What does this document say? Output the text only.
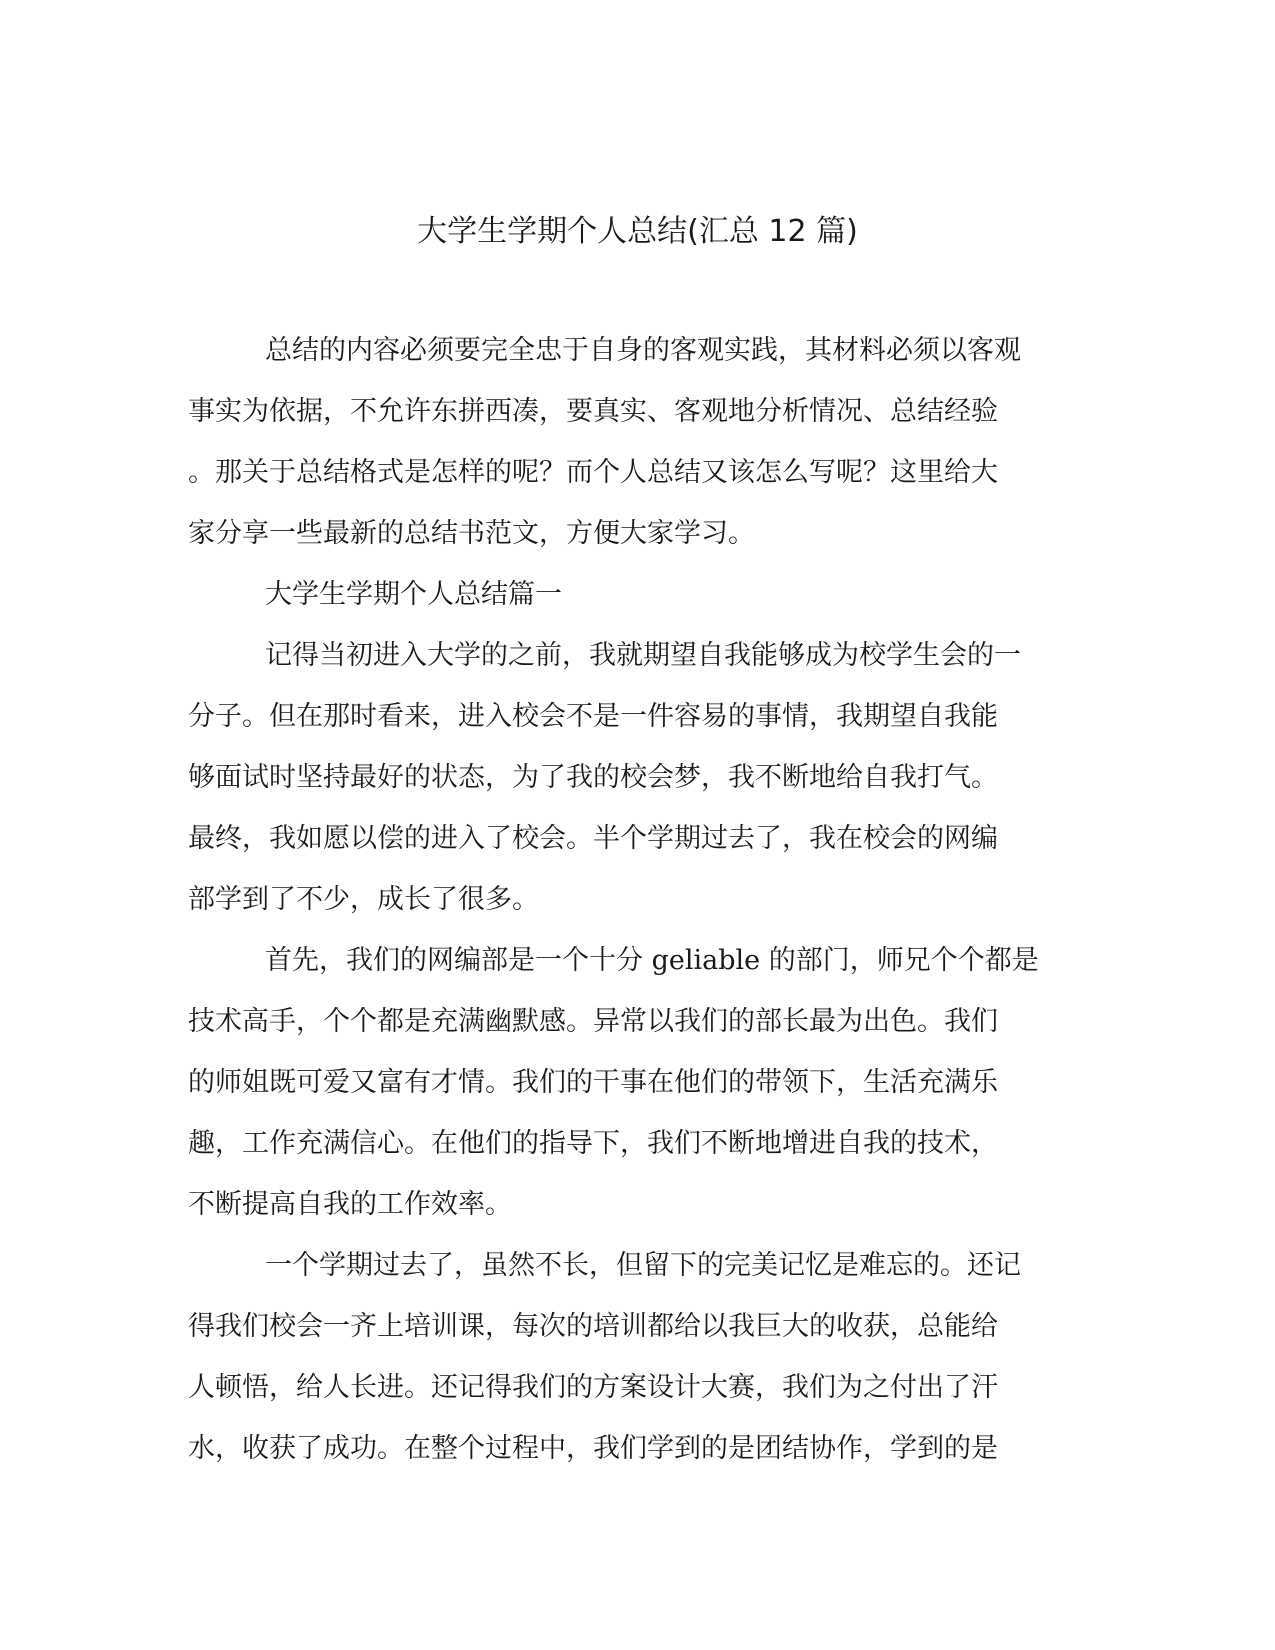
大学生学期个人总结(汇总 12 篇)
总结的内容必须要完全忠于自身的客观实践，其材料必须以客观
事实为依据，不允许东拼西凑，要真实、客观地分析情况、总结经验
。那关于总结格式是怎样的呢？而个人总结又该怎么写呢？这里给大
家分享一些最新的总结书范文，方便大家学习。
大学生学期个人总结篇一
记得当初进入大学的之前，我就期望自我能够成为校学生会的一
分子。但在那时看来，进入校会不是一件容易的事情，我期望自我能
够面试时坚持最好的状态，为了我的校会梦，我不断地给自我打气。
最终，我如愿以偿的进入了校会。半个学期过去了，我在校会的网编
部学到了不少，成长了很多。
首先，我们的网编部是一个十分 geliable 的部门，师兄个个都是
技术高手，个个都是充满幽默感。异常以我们的部长最为出色。我们
的师姐既可爱又富有才情。我们的干事在他们的带领下，生活充满乐
趣，工作充满信心。在他们的指导下，我们不断地增进自我的技术，
不断提高自我的工作效率。
一个学期过去了，虽然不长，但留下的完美记忆是难忘的。还记
得我们校会一齐上培训课，每次的培训都给以我巨大的收获，总能给
人顿悟，给人长进。还记得我们的方案设计大赛，我们为之付出了汗
水，收获了成功。在整个过程中，我们学到的是团结协作，学到的是
